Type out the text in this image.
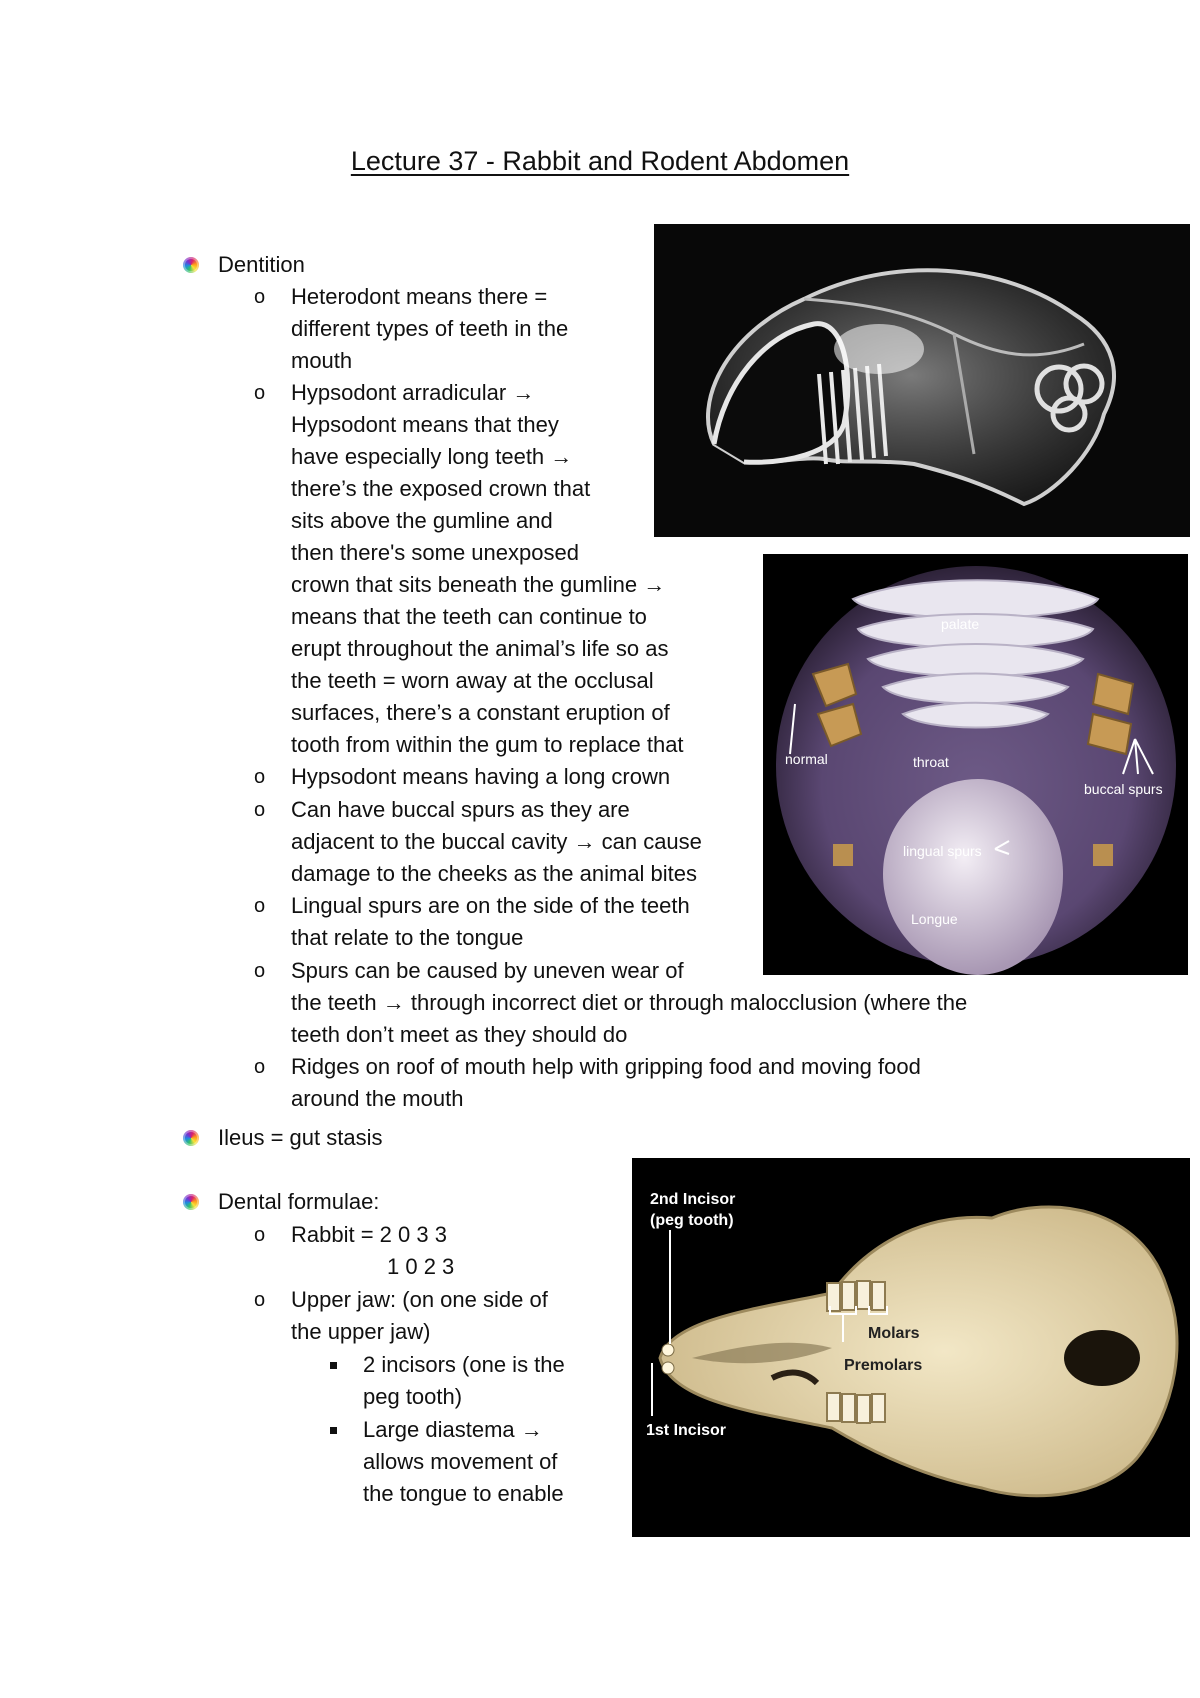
Lecture 37 - Rabbit and Rodent Abdomen
Dentition
o Heterodont means there =
different types of teeth in the
mouth
o Hypsodont arradicular →
Hypsodont means that they
have especially long teeth →
there’s the exposed crown that
sits above the gumline and
then there's some unexposed
crown that sits beneath the gumline →
means that the teeth can continue to
erupt throughout the animal’s life so as
the teeth = worn away at the occlusal
surfaces, there’s a constant eruption of
tooth from within the gum to replace that
o Hypsodont means having a long crown
o Can have buccal spurs as they are
adjacent to the buccal cavity → can cause
damage to the cheeks as the animal bites
o Lingual spurs are on the side of the teeth
that relate to the tongue
o Spurs can be caused by uneven wear of
the teeth → through incorrect diet or through malocclusion (where the
teeth don’t meet as they should do
o Ridges on roof of mouth help with gripping food and moving food
around the mouth
Ileus = gut stasis
Dental formulae:
o Rabbit = 2 0 3 3
1 0 2 3
o Upper jaw: (on one side of
the upper jaw)
2 incisors (one is the
peg tooth)
Large diastema →
allows movement of
the tongue to enable
palate
normal	throat
buccal spurs
lingual spurs
Longue
2nd Incisor
(peg tooth)
Molars
Premolars
1st Incisor
